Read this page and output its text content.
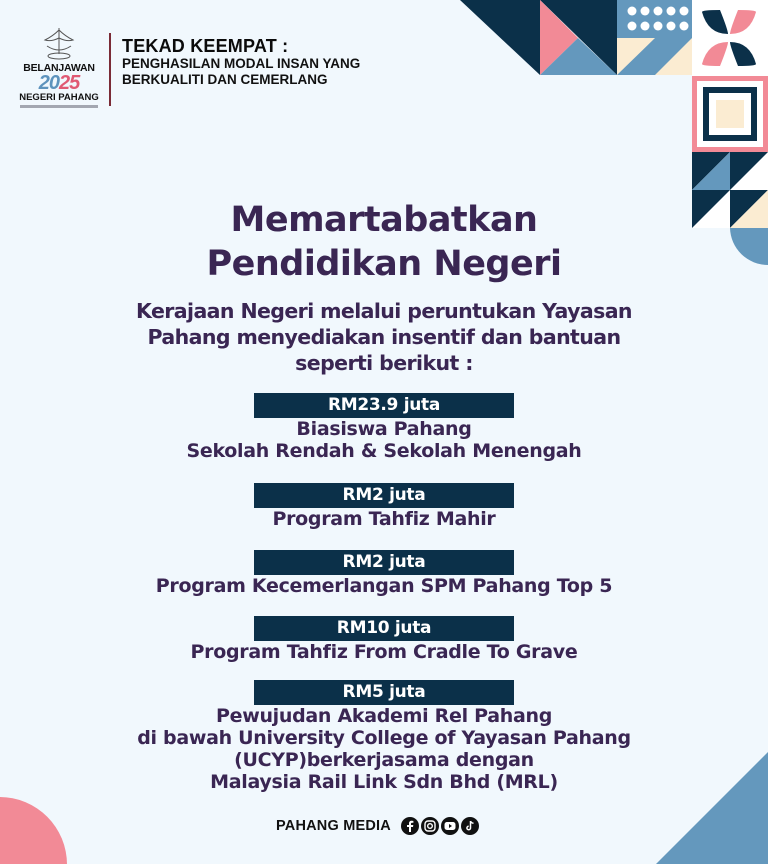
BELANJAWAN
2025
NEGERI PAHANG
TEKAD KEEMPAT :
PENGHASILAN MODAL INSAN YANG
BERKUALITI DAN CEMERLANG
Memartabatkan
Pendidikan Negeri
Kerajaan Negeri melalui peruntukan Yayasan
Pahang menyediakan insentif dan bantuan
seperti berikut :
RM23.9 juta
Biasiswa Pahang
Sekolah Rendah & Sekolah Menengah
RM2 juta
Program Tahfiz Mahir
RM2 juta
Program Kecemerlangan SPM Pahang Top 5
RM10 juta
Program Tahfiz From Cradle To Grave
RM5 juta
Pewujudan Akademi Rel Pahang
di bawah University College of Yayasan Pahang
(UCYP)berkerjasama dengan
Malaysia Rail Link Sdn Bhd (MRL)
PAHANG MEDIA
